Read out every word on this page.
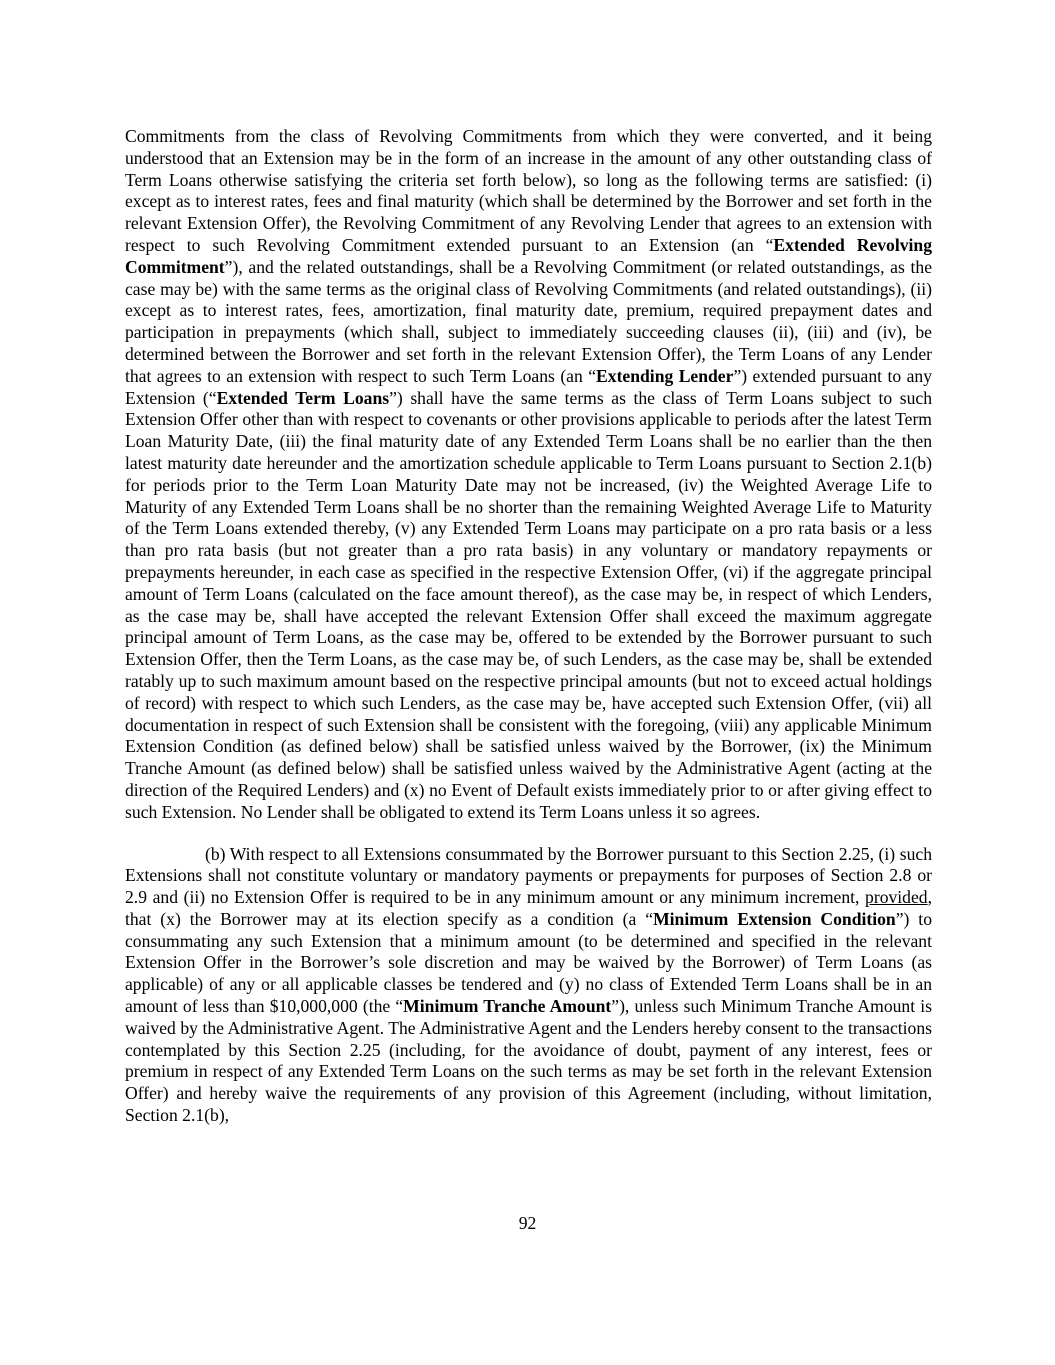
Commitments from the class of Revolving Commitments from which they were converted, and it being understood that an Extension may be in the form of an increase in the amount of any other outstanding class of Term Loans otherwise satisfying the criteria set forth below), so long as the following terms are satisfied: (i) except as to interest rates, fees and final maturity (which shall be determined by the Borrower and set forth in the relevant Extension Offer), the Revolving Commitment of any Revolving Lender that agrees to an extension with respect to such Revolving Commitment extended pursuant to an Extension (an “Extended Revolving Commitment”), and the related outstandings, shall be a Revolving Commitment (or related outstandings, as the case may be) with the same terms as the original class of Revolving Commitments (and related outstandings), (ii) except as to interest rates, fees, amortization, final maturity date, premium, required prepayment dates and participation in prepayments (which shall, subject to immediately succeeding clauses (ii), (iii) and (iv), be determined between the Borrower and set forth in the relevant Extension Offer), the Term Loans of any Lender that agrees to an extension with respect to such Term Loans (an “Extending Lender”) extended pursuant to any Extension (“Extended Term Loans”) shall have the same terms as the class of Term Loans subject to such Extension Offer other than with respect to covenants or other provisions applicable to periods after the latest Term Loan Maturity Date, (iii) the final maturity date of any Extended Term Loans shall be no earlier than the then latest maturity date hereunder and the amortization schedule applicable to Term Loans pursuant to Section 2.1(b) for periods prior to the Term Loan Maturity Date may not be increased, (iv) the Weighted Average Life to Maturity of any Extended Term Loans shall be no shorter than the remaining Weighted Average Life to Maturity of the Term Loans extended thereby, (v) any Extended Term Loans may participate on a pro rata basis or a less than pro rata basis (but not greater than a pro rata basis) in any voluntary or mandatory repayments or prepayments hereunder, in each case as specified in the respective Extension Offer, (vi) if the aggregate principal amount of Term Loans (calculated on the face amount thereof), as the case may be, in respect of which Lenders, as the case may be, shall have accepted the relevant Extension Offer shall exceed the maximum aggregate principal amount of Term Loans, as the case may be, offered to be extended by the Borrower pursuant to such Extension Offer, then the Term Loans, as the case may be, of such Lenders, as the case may be, shall be extended ratably up to such maximum amount based on the respective principal amounts (but not to exceed actual holdings of record) with respect to which such Lenders, as the case may be, have accepted such Extension Offer, (vii) all documentation in respect of such Extension shall be consistent with the foregoing, (viii) any applicable Minimum Extension Condition (as defined below) shall be satisfied unless waived by the Borrower, (ix) the Minimum Tranche Amount (as defined below) shall be satisfied unless waived by the Administrative Agent (acting at the direction of the Required Lenders) and (x) no Event of Default exists immediately prior to or after giving effect to such Extension. No Lender shall be obligated to extend its Term Loans unless it so agrees.

(b) With respect to all Extensions consummated by the Borrower pursuant to this Section 2.25, (i) such Extensions shall not constitute voluntary or mandatory payments or prepayments for purposes of Section 2.8 or 2.9 and (ii) no Extension Offer is required to be in any minimum amount or any minimum increment, provided, that (x) the Borrower may at its election specify as a condition (a “Minimum Extension Condition”) to consummating any such Extension that a minimum amount (to be determined and specified in the relevant Extension Offer in the Borrower’s sole discretion and may be waived by the Borrower) of Term Loans (as applicable) of any or all applicable classes be tendered and (y) no class of Extended Term Loans shall be in an amount of less than $10,000,000 (the “Minimum Tranche Amount”), unless such Minimum Tranche Amount is waived by the Administrative Agent. The Administrative Agent and the Lenders hereby consent to the transactions contemplated by this Section 2.25 (including, for the avoidance of doubt, payment of any interest, fees or premium in respect of any Extended Term Loans on the such terms as may be set forth in the relevant Extension Offer) and hereby waive the requirements of any provision of this Agreement (including, without limitation, Section 2.1(b),

92
